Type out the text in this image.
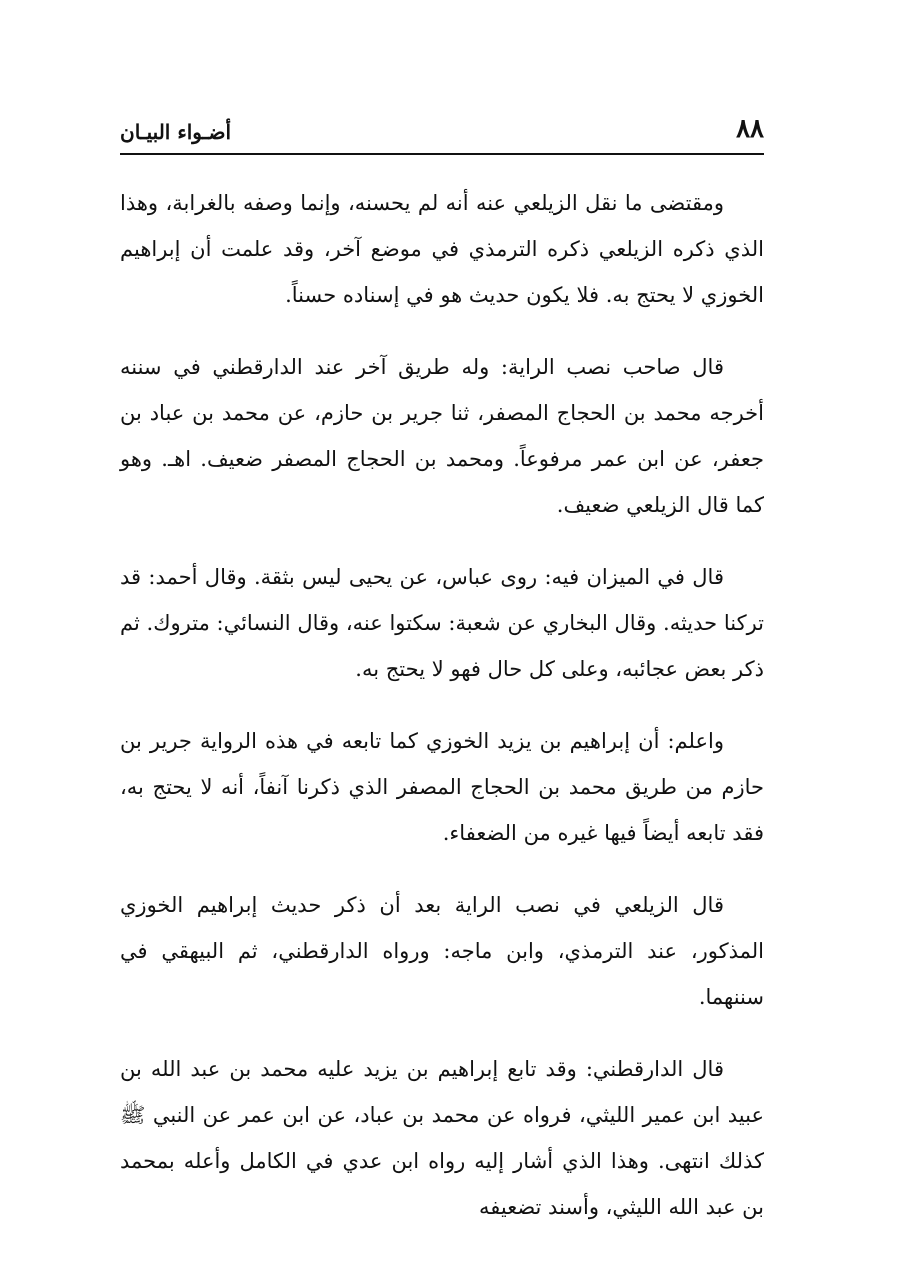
٨٨
أضـواء البيـان

ومقتضى ما نقل الزيلعي عنه أنه لم يحسنه، وإنما وصفه بالغرابة، وهذا الذي ذكره الزيلعي ذكره الترمذي في موضع آخر، وقد علمت أن إبراهيم الخوزي لا يحتج به. فلا يكون حديث هو في إسناده حسناً.

قال صاحب نصب الراية: وله طريق آخر عند الدارقطني في سننه أخرجه محمد بن الحجاج المصفر، ثنا جرير بن حازم، عن محمد بن عباد بن جعفر، عن ابن عمر مرفوعاً. ومحمد بن الحجاج المصفر ضعيف. اهـ. وهو كما قال الزيلعي ضعيف.

قال في الميزان فيه: روى عباس، عن يحيى ليس بثقة. وقال أحمد: قد تركنا حديثه. وقال البخاري عن شعبة: سكتوا عنه، وقال النسائي: متروك. ثم ذكر بعض عجائبه، وعلى كل حال فهو لا يحتج به.

واعلم: أن إبراهيم بن يزيد الخوزي كما تابعه في هذه الرواية جرير بن حازم من طريق محمد بن الحجاج المصفر الذي ذكرنا آنفاً، أنه لا يحتج به، فقد تابعه أيضاً فيها غيره من الضعفاء.

قال الزيلعي في نصب الراية بعد أن ذكر حديث إبراهيم الخوزي المذكور، عند الترمذي، وابن ماجه: ورواه الدارقطني، ثم البيهقي في سننهما.

قال الدارقطني: وقد تابع إبراهيم بن يزيد عليه محمد بن عبد الله بن عبيد ابن عمير الليثي، فرواه عن محمد بن عباد، عن ابن عمر عن النبي ﷺ كذلك انتهى. وهذا الذي أشار إليه رواه ابن عدي في الكامل وأعله بمحمد بن عبد الله الليثي، وأسند تضعيفه
